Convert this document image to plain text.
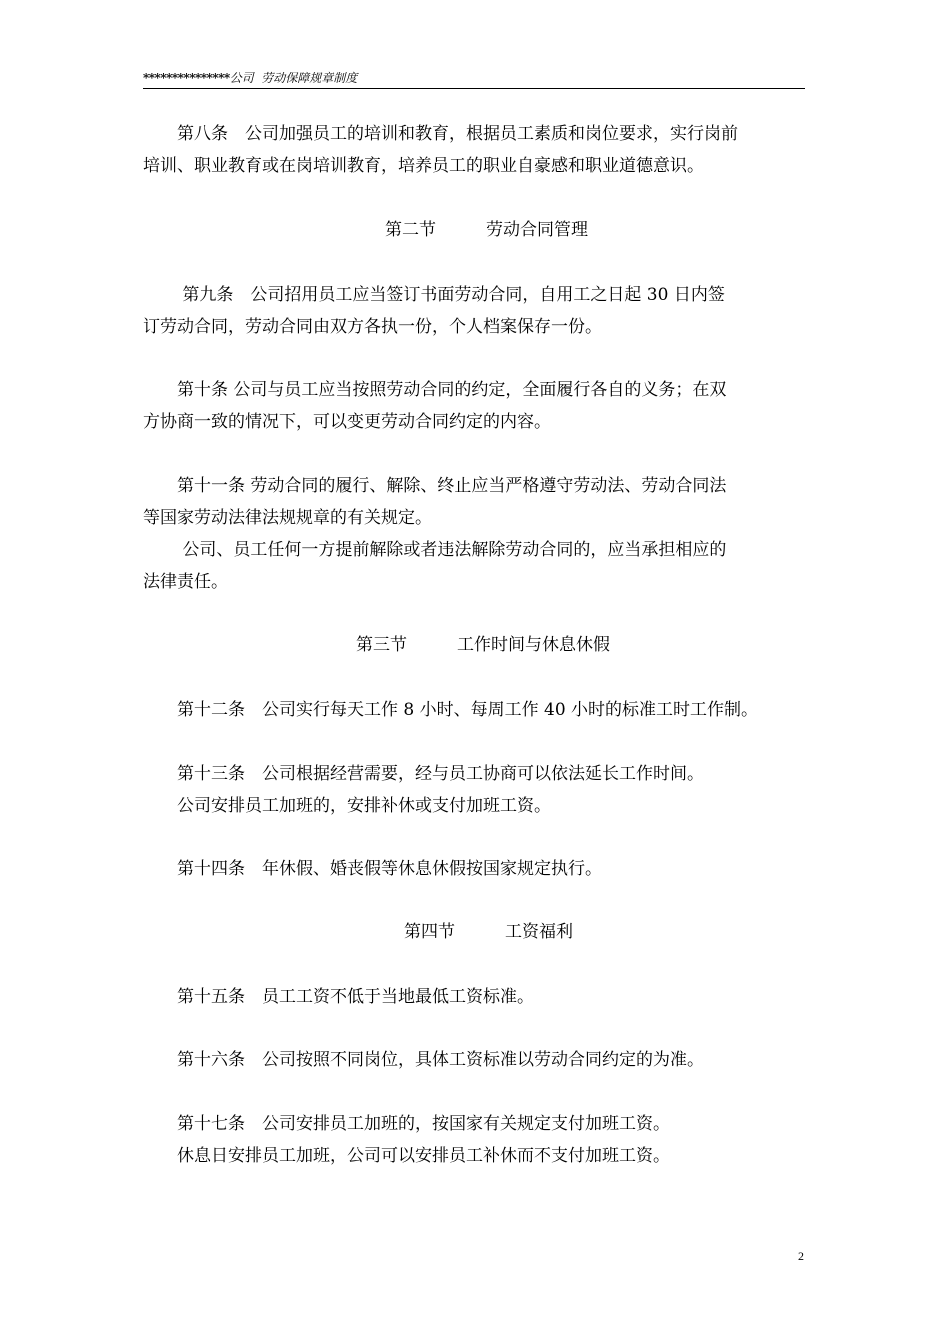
***************公司 劳动保障规章制度

　　第八条　公司加强员工的培训和教育，根据员工素质和岗位要求，实行岗前
培训、职业教育或在岗培训教育，培养员工的职业自豪感和职业道德意识。

第二节	劳动合同管理

　　 第九条　公司招用员工应当签订书面劳动合同，自用工之日起 30 日内签
订劳动合同，劳动合同由双方各执一份，个人档案保存一份。

　　第十条 公司与员工应当按照劳动合同的约定，全面履行各自的义务；在双
方协商一致的情况下，可以变更劳动合同约定的内容。

　　第十一条 劳动合同的履行、解除、终止应当严格遵守劳动法、劳动合同法
等国家劳动法律法规规章的有关规定。
　　 公司、员工任何一方提前解除或者违法解除劳动合同的，应当承担相应的
法律责任。

第三节	工作时间与休息休假

　　第十二条　公司实行每天工作 8 小时、每周工作 40 小时的标准工时工作制。

　　第十三条　公司根据经营需要，经与员工协商可以依法延长工作时间。
　　公司安排员工加班的，安排补休或支付加班工资。

　　第十四条　年休假、婚丧假等休息休假按国家规定执行。

第四节	工资福利

　　第十五条　员工工资不低于当地最低工资标准。

　　第十六条　公司按照不同岗位，具体工资标准以劳动合同约定的为准。

　　第十七条　公司安排员工加班的，按国家有关规定支付加班工资。
　　休息日安排员工加班，公司可以安排员工补休而不支付加班工资。

2
